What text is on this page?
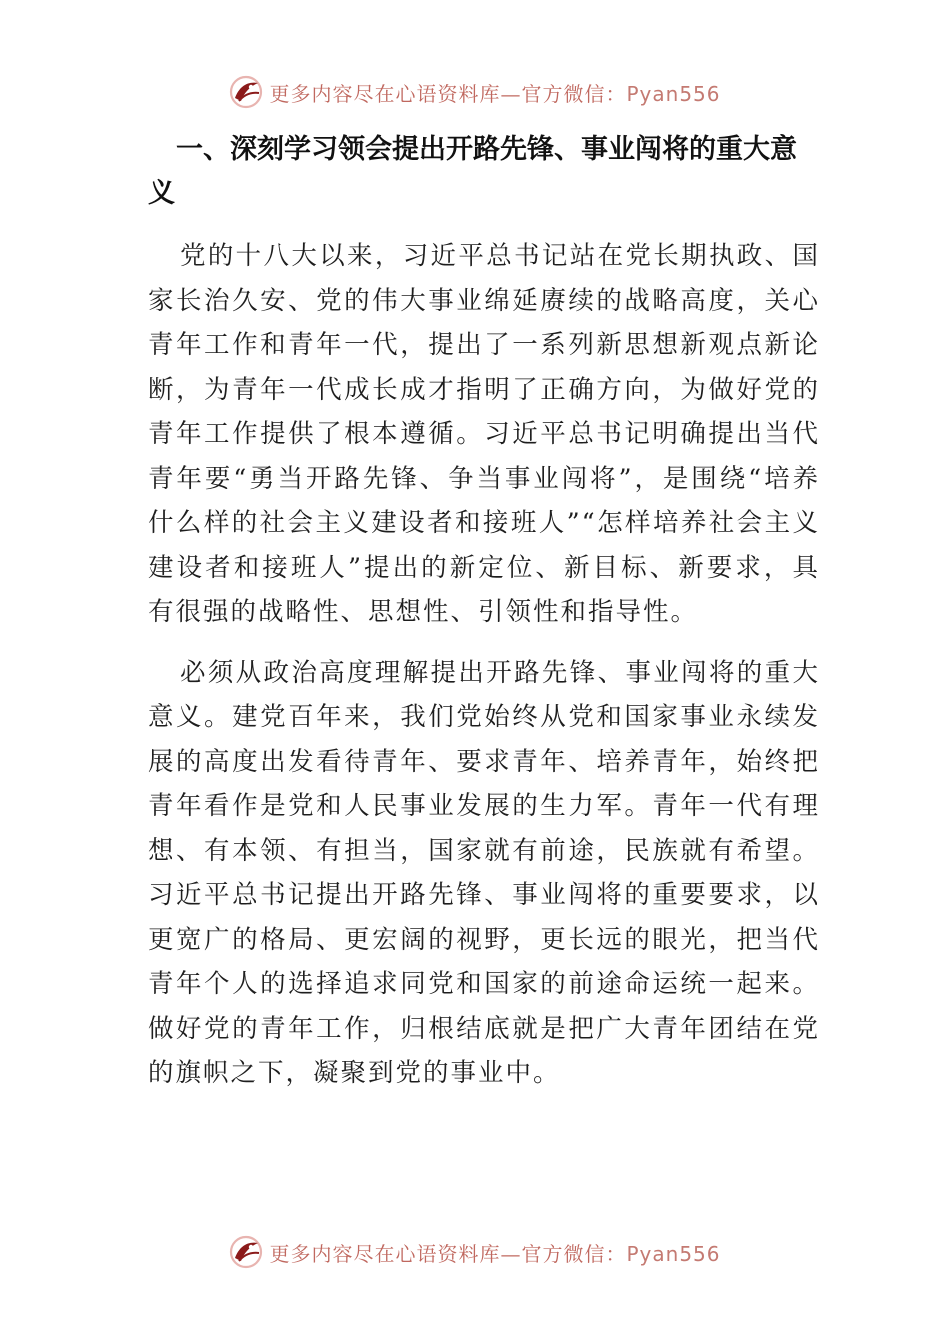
更多内容尽在心语资料库—官方微信：Pyan556
一、深刻学习领会提出开路先锋、事业闯将的重大意义

党的十八大以来，习近平总书记站在党长期执政、国家长治久安、党的伟大事业绵延赓续的战略高度，关心青年工作和青年一代，提出了一系列新思想新观点新论断，为青年一代成长成才指明了正确方向，为做好党的青年工作提供了根本遵循。习近平总书记明确提出当代青年要“勇当开路先锋、争当事业闯将”，是围绕“培养什么样的社会主义建设者和接班人”“怎样培养社会主义建设者和接班人”提出的新定位、新目标、新要求，具有很强的战略性、思想性、引领性和指导性。

必须从政治高度理解提出开路先锋、事业闯将的重大意义。建党百年来，我们党始终从党和国家事业永续发展的高度出发看待青年、要求青年、培养青年，始终把青年看作是党和人民事业发展的生力军。青年一代有理想、有本领、有担当，国家就有前途，民族就有希望。习近平总书记提出开路先锋、事业闯将的重要要求，以更宽广的格局、更宏阔的视野，更长远的眼光，把当代青年个人的选择追求同党和国家的前途命运统一起来。做好党的青年工作，归根结底就是把广大青年团结在党的旗帜之下，凝聚到党的事业中。

更多内容尽在心语资料库—官方微信：Pyan556
